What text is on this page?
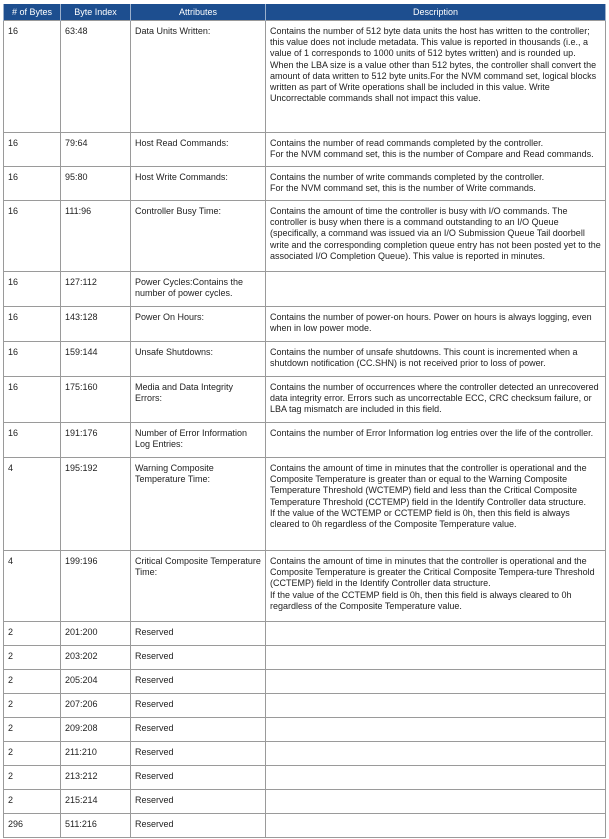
# of Bytes	Byte Index	Attributes	Description
16	63:48	Data Units Written:	Contains the number of 512 byte data units the host has written to the controller; this value does not include metadata. This value is reported in thousands (i.e., a value of 1 corresponds to 1000 units of 512 bytes written) and is rounded up. When the LBA size is a value other than 512 bytes, the controller shall convert the amount of data written to 512 byte units.For the NVM command set, logical blocks written as part of Write operations shall be included in this value. Write Uncorrectable commands shall not impact this value.

16	79:64	Host Read Commands:	Contains the number of read commands completed by the controller.
For the NVM command set, this is the number of Compare and Read commands.

16	95:80	Host Write Commands:	Contains the number of write commands completed by the controller.
For the NVM command set, this is the number of Write commands.

16	111:96	Controller Busy Time:	Contains the amount of time the controller is busy with I/O commands. The controller is busy when there is a command outstanding to an I/O Queue (specifically, a command was issued via an I/O Submission Queue Tail doorbell write and the corresponding completion queue entry has not been posted yet to the associated I/O Completion Queue). This value is reported in minutes.

16	127:112	Power Cycles:Contains the number of power cycles.	
16	143:128	Power On Hours:	Contains the number of power-on hours. Power on hours is always logging, even when in low power mode.

16	159:144	Unsafe Shutdowns:	Contains the number of unsafe shutdowns. This count is incremented when a shutdown notification (CC.SHN) is not received prior to loss of power.

16	175:160	Media and Data Integrity Errors:	Contains the number of occurrences where the controller detected an unrecovered data integrity error. Errors such as uncorrectable ECC, CRC checksum failure, or LBA tag mismatch are included in this field.

16	191:176	Number of Error Information Log Entries:	Contains the number of Error Information log entries over the life of the controller.

4	195:192	Warning Composite Temperature Time:	Contains the amount of time in minutes that the controller is operational and the Composite Temperature is greater than or equal to the Warning Composite Temperature Threshold (WCTEMP) field and less than the Critical Composite Temperature Threshold (CCTEMP) field in the Identify Controller data structure.
If the value of the WCTEMP or CCTEMP field is 0h, then this field is always cleared to 0h regardless of the Composite Temperature value.

4	199:196	Critical Composite Temperature Time:	Contains the amount of time in minutes that the controller is operational and the Composite Temperature is greater the Critical Composite Tempera-ture Threshold (CCTEMP) field in the Identify Controller data structure.
If the value of the CCTEMP field is 0h, then this field is always cleared to 0h regardless of the Composite Temperature value.

2	201:200	Reserved	
2	203:202	Reserved	
2	205:204	Reserved	
2	207:206	Reserved	
2	209:208	Reserved	
2	211:210	Reserved	
2	213:212	Reserved	
2	215:214	Reserved	
296	511:216	Reserved	
